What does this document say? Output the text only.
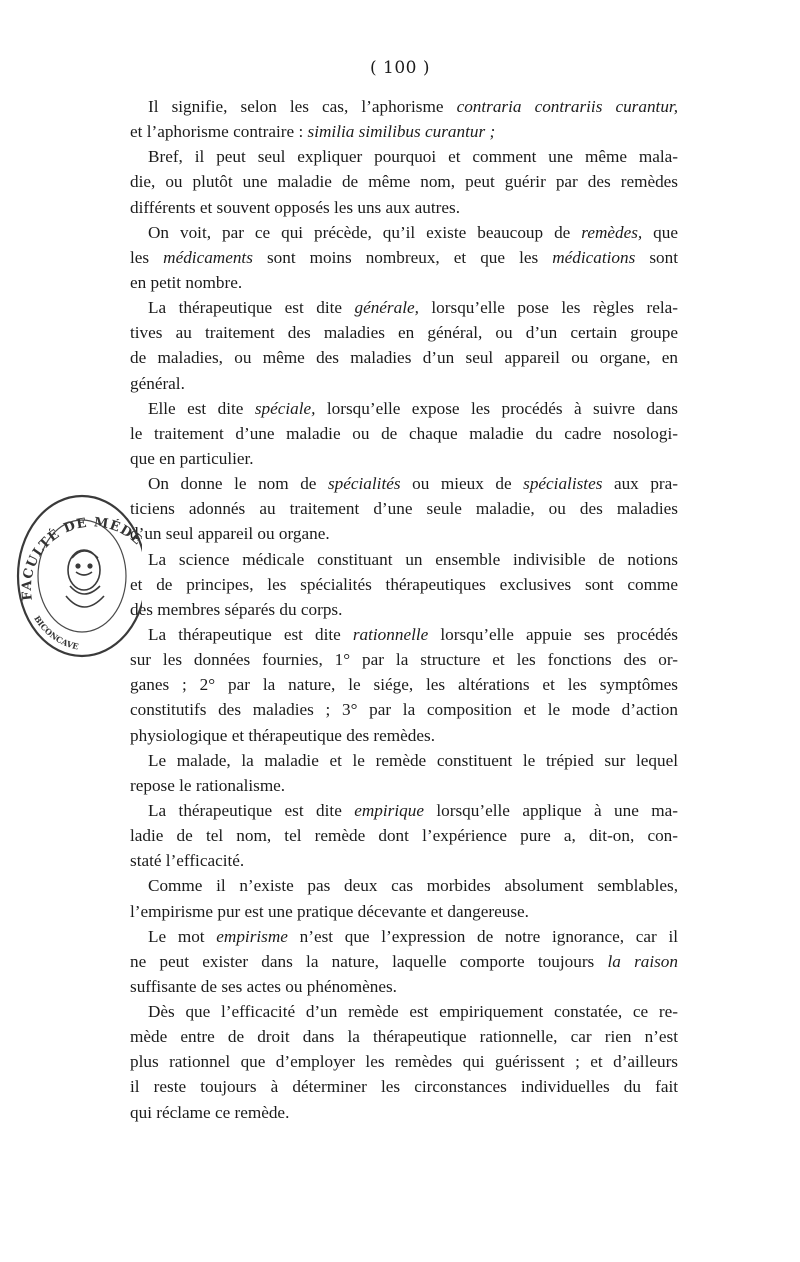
( 100 )
Il signifie, selon les cas, l’aphorisme contraria contrariis curantur,
et l’aphorisme contraire : similia similibus curantur ;
Bref, il peut seul expliquer pourquoi et comment une même mala-
die, ou plutôt une maladie de même nom, peut guérir par des remèdes
différents et souvent opposés les uns aux autres.
On voit, par ce qui précède, qu’il existe beaucoup de remèdes, que
les médicaments sont moins nombreux, et que les médications sont
en petit nombre.
La thérapeutique est dite générale, lorsqu’elle pose les règles rela-
tives au traitement des maladies en général, ou d’un certain groupe
de maladies, ou même des maladies d’un seul appareil ou organe, en
général.
Elle est dite spéciale, lorsqu’elle expose les procédés à suivre dans
le traitement d’une maladie ou de chaque maladie du cadre nosologi-
que en particulier.
On donne le nom de spécialités ou mieux de spécialistes aux pra-
ticiens adonnés au traitement d’une seule maladie, ou des maladies
d’un seul appareil ou organe.
La science médicale constituant un ensemble indivisible de notions
et de principes, les spécialités thérapeutiques exclusives sont comme
des membres séparés du corps.
La thérapeutique est dite rationnelle lorsqu’elle appuie ses procédés
sur les données fournies, 1° par la structure et les fonctions des or-
ganes ; 2° par la nature, le siége, les altérations et les symptômes
constitutifs des maladies ; 3° par la composition et le mode d’action
physiologique et thérapeutique des remèdes.
Le malade, la maladie et le remède constituent le trépied sur lequel
repose le rationalisme.
La thérapeutique est dite empirique lorsqu’elle applique à une ma-
ladie de tel nom, tel remède dont l’expérience pure a, dit-on, con-
staté l’efficacité.
Comme il n’existe pas deux cas morbides absolument semblables,
l’empirisme pur est une pratique décevante et dangereuse.
Le mot empirisme n’est que l’expression de notre ignorance, car il
ne peut exister dans la nature, laquelle comporte toujours la raison
suffisante de ses actes ou phénomènes.
Dès que l’efficacité d’un remède est empiriquement constatée, ce re-
mède entre de droit dans la thérapeutique rationnelle, car rien n’est
plus rationnel que d’employer les remèdes qui guérissent ; et d’ailleurs
il reste toujours à déterminer les circonstances individuelles du fait
qui réclame ce remède.
FACULTÉ DE MÉD
BICONCAVE
